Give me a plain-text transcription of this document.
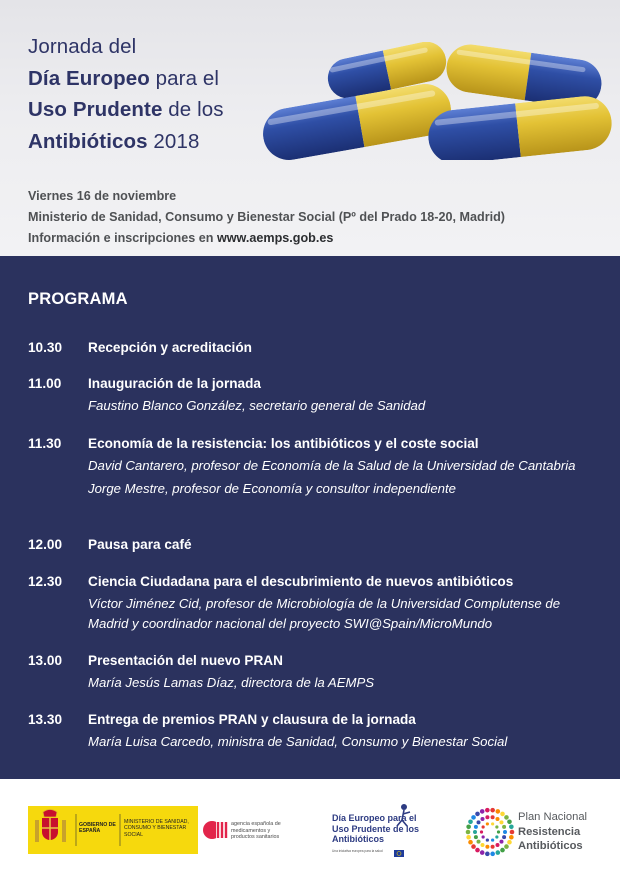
Jornada del
Día Europeo para el
Uso Prudente de los
Antibióticos 2018
Viernes 16 de noviembre
Ministerio de Sanidad, Consumo y Bienestar Social (Pº del Prado 18-20, Madrid)
Información e inscripciones en www.aemps.gob.es
PROGRAMA
10.30	Recepción y acreditación
11.00	Inauguración de la jornada
Faustino Blanco González, secretario general de Sanidad
11.30	Economía de la resistencia: los antibióticos y el coste social
David Cantarero, profesor de Economía de la Salud de la Universidad de Cantabria
Jorge Mestre, profesor de Economía y consultor independiente
12.00	Pausa para café
12.30	Ciencia Ciudadana para el descubrimiento de nuevos antibióticos
Víctor Jiménez Cid, profesor de Microbiología de la Universidad Complutense de Madrid y coordinador nacional del proyecto SWI@Spain/MicroMundo
13.00	Presentación del nuevo PRAN
María Jesús Lamas Díaz, directora de la AEMPS
13.30	Entrega de premios PRAN y clausura de la jornada
María Luisa Carcedo, ministra de Sanidad, Consumo y Bienestar Social
GOBIERNO DE ESPAÑA
MINISTERIO DE SANIDAD, CONSUMO Y BIENESTAR SOCIAL
agencia española de medicamentos y productos sanitarios
Día Europeo para el Uso Prudente de los Antibióticos
Una iniciativa europea para la salud
Plan Nacional
Resistencia
Antibióticos
